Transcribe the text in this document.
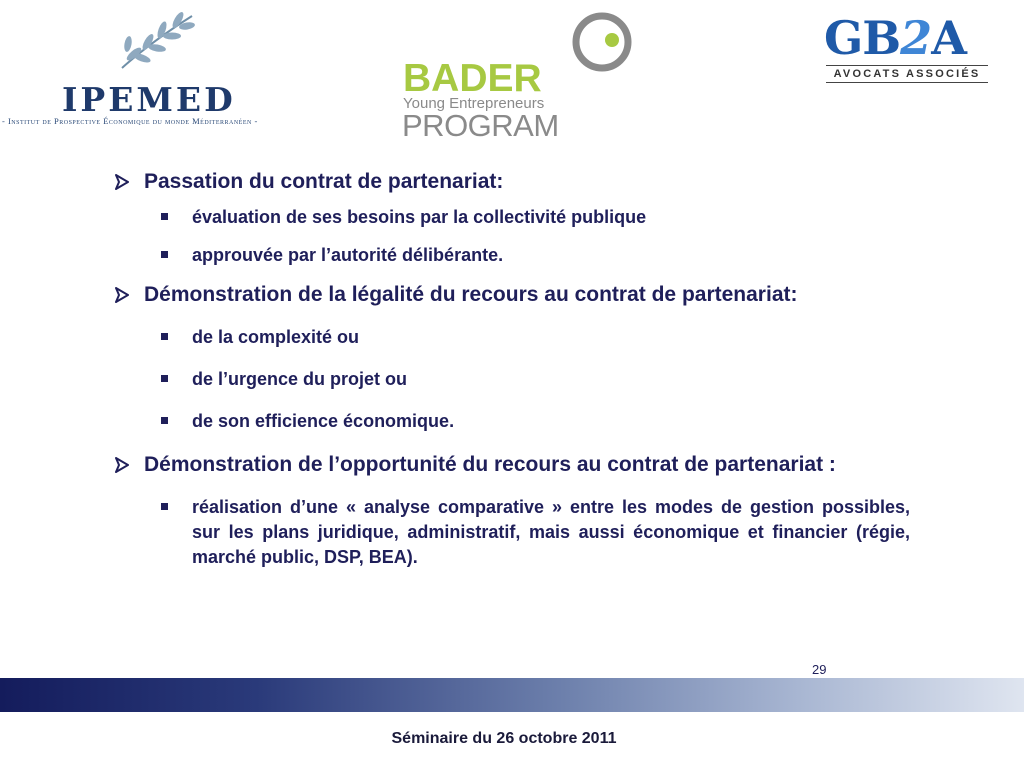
IPEMED
- Institut de Prospective Économique du monde Méditerranéen -
BADER
Young Entrepreneurs
PROGRAM
GB2A
AVOCATS ASSOCIÉS
Passation du contrat de partenariat:
évaluation de ses besoins par la collectivité publique
approuvée par l’autorité délibérante.
Démonstration de la légalité du recours au contrat de partenariat:
de la complexité ou
de l’urgence du projet ou
de son efficience économique.
Démonstration de l’opportunité du recours au contrat de partenariat :
réalisation d’une « analyse comparative » entre les modes de gestion possibles, sur les plans juridique, administratif, mais aussi économique et financier (régie, marché public, DSP, BEA).
29
Séminaire du 26 octobre 2011
